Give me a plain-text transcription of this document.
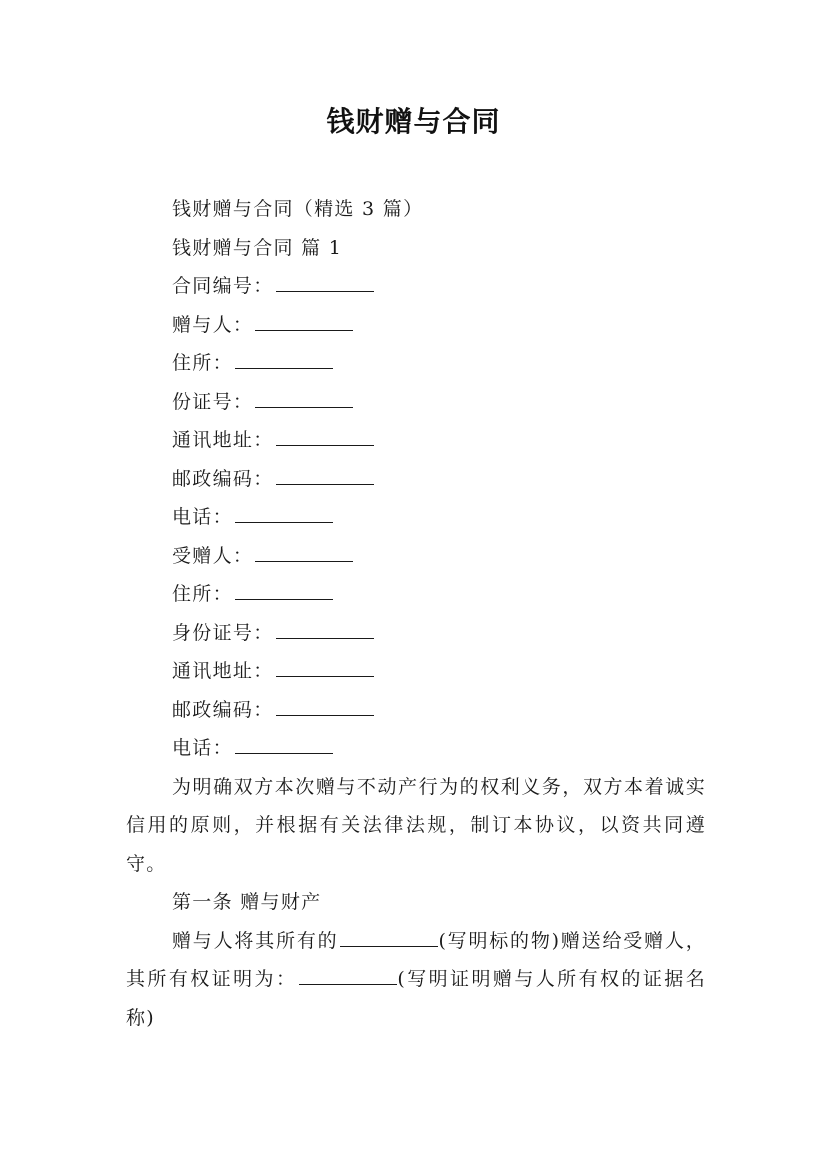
钱财赠与合同
钱财赠与合同（精选 3 篇）
钱财赠与合同 篇 1
合同编号：
赠与人：
住所：
份证号：
通讯地址：
邮政编码：
电话：
受赠人：
住所：
身份证号：
通讯地址：
邮政编码：
电话：
为明确双方本次赠与不动产行为的权利义务，双方本着诚实信用的原则，并根据有关法律法规，制订本协议，以资共同遵守。
第一条 赠与财产
赠与人将其所有的	(写明标的物)赠送给受赠人，其所有权证明为：	(写明证明赠与人所有权的证据名称)
